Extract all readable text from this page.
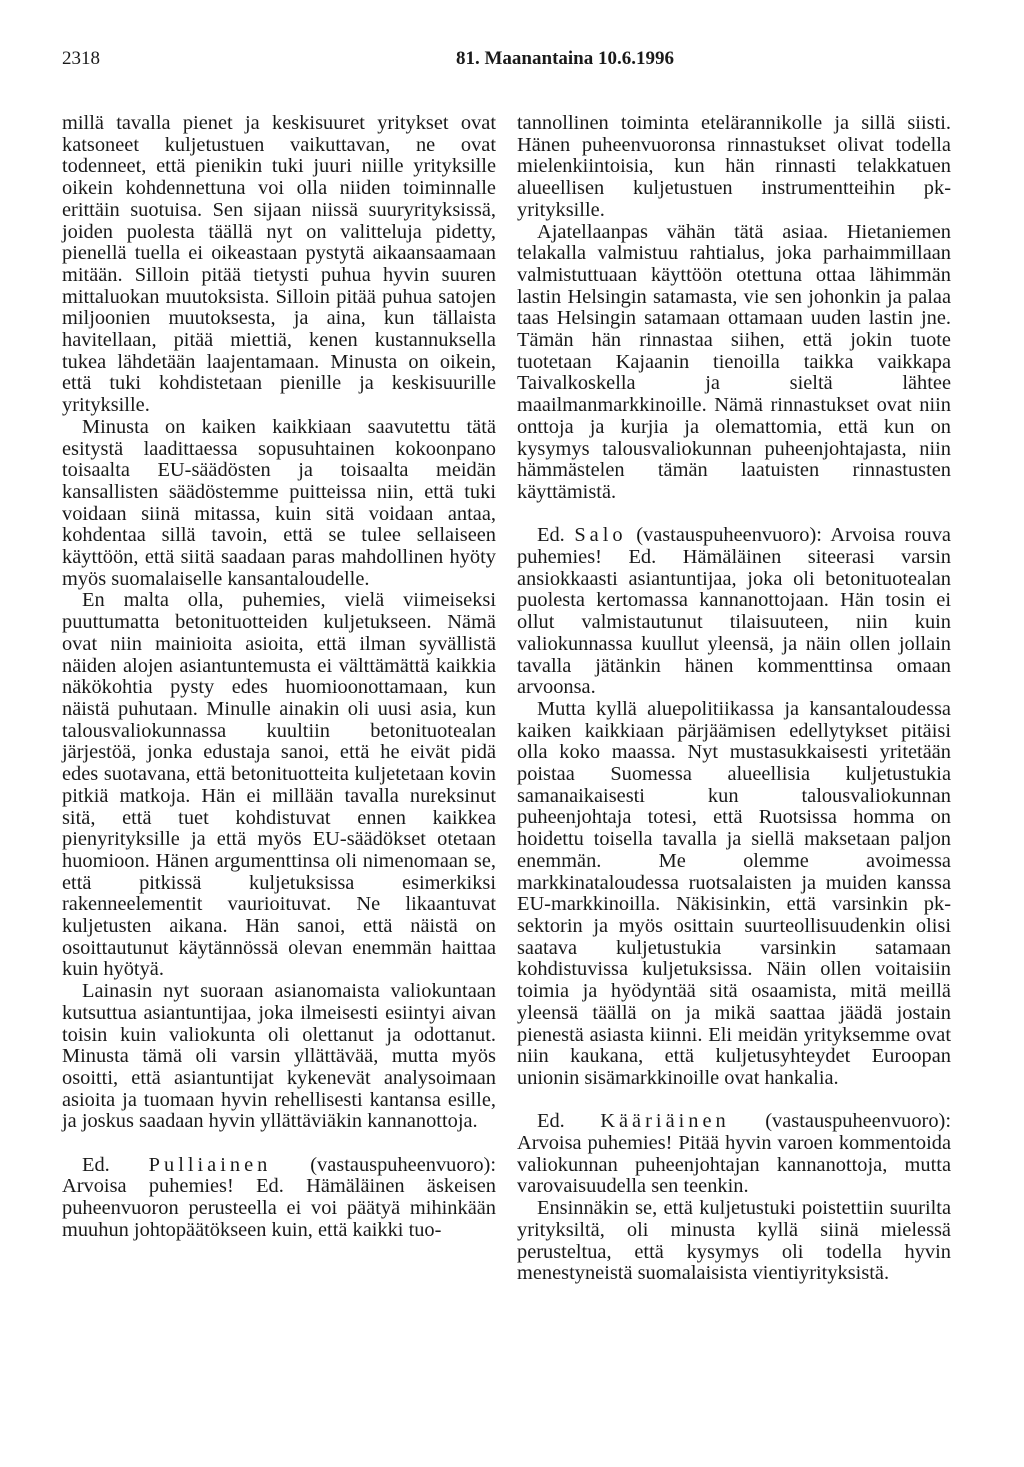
2318	81. Maanantaina 10.6.1996

millä tavalla pienet ja keskisuuret yritykset ovat katsoneet kuljetustuen vaikuttavan, ne ovat todenneet, että pienikin tuki juuri niille yrityksille oikein kohdennettuna voi olla niiden toiminnalle erittäin suotuisa. Sen sijaan niissä suuryrityksissä, joiden puolesta täällä nyt on valitteluja pidetty, pienellä tuella ei oikeastaan pystytä aikaansaamaan mitään. Silloin pitää tietysti puhua hyvin suuren mittaluokan muutoksista. Silloin pitää puhua satojen miljoonien muutoksesta, ja aina, kun tällaista havitellaan, pitää miettiä, kenen kustannuksella tukea lähdetään laajentamaan. Minusta on oikein, että tuki kohdistetaan pienille ja keskisuurille yrityksille.

Minusta on kaiken kaikkiaan saavutettu tätä esitystä laadittaessa sopusuhtainen kokoonpano toisaalta EU-säädösten ja toisaalta meidän kansallisten säädöstemme puitteissa niin, että tuki voidaan siinä mitassa, kuin sitä voidaan antaa, kohdentaa sillä tavoin, että se tulee sellaiseen käyttöön, että siitä saadaan paras mahdollinen hyöty myös suomalaiselle kansantaloudelle.

En malta olla, puhemies, vielä viimeiseksi puuttumatta betonituotteiden kuljetukseen. Nämä ovat niin mainioita asioita, että ilman syvällistä näiden alojen asiantuntemusta ei välttämättä kaikkia näkökohtia pysty edes huomioonottamaan, kun näistä puhutaan. Minulle ainakin oli uusi asia, kun talousvaliokunnassa kuultiin betonituotealan järjestöä, jonka edustaja sanoi, että he eivät pidä edes suotavana, että betonituotteita kuljetetaan kovin pitkiä matkoja. Hän ei millään tavalla nureksinut sitä, että tuet kohdistuvat ennen kaikkea pienyrityksille ja että myös EU-säädökset otetaan huomioon. Hänen argumenttinsa oli nimenomaan se, että pitkissä kuljetuksissa esimerkiksi rakenneelementit vaurioituvat. Ne likaantuvat kuljetusten aikana. Hän sanoi, että näistä on osoittautunut käytännössä olevan enemmän haittaa kuin hyötyä.

Lainasin nyt suoraan asianomaista valiokuntaan kutsuttua asiantuntijaa, joka ilmeisesti esiintyi aivan toisin kuin valiokunta oli olettanut ja odottanut. Minusta tämä oli varsin yllättävää, mutta myös osoitti, että asiantuntijat kykenevät analysoimaan asioita ja tuomaan hyvin rehellisesti kantansa esille, ja joskus saadaan hyvin yllättäviäkin kannanottoja.

Ed. Pulliainen (vastauspuheenvuoro): Arvoisa puhemies! Ed. Hämäläinen äskeisen puheenvuoron perusteella ei voi päätyä mihinkään muuhun johtopäätökseen kuin, että kaikki tuo-

tannollinen toiminta etelärannikolle ja sillä siisti. Hänen puheenvuoronsa rinnastukset olivat todella mielenkiintoisia, kun hän rinnasti telakkatuen alueellisen kuljetustuen instrumentteihin pk-yrityksille.

Ajatellaanpas vähän tätä asiaa. Hietaniemen telakalla valmistuu rahtialus, joka parhaimmillaan valmistuttuaan käyttöön otettuna ottaa lähimmän lastin Helsingin satamasta, vie sen johonkin ja palaa taas Helsingin satamaan ottamaan uuden lastin jne. Tämän hän rinnastaa siihen, että jokin tuote tuotetaan Kajaanin tienoilla taikka vaikkapa Taivalkoskella ja sieltä lähtee maailmanmarkkinoille. Nämä rinnastukset ovat niin onttoja ja kurjia ja olemattomia, että kun on kysymys talousvaliokunnan puheenjohtajasta, niin hämmästelen tämän laatuisten rinnastusten käyttämistä.

Ed. Salo (vastauspuheenvuoro): Arvoisa rouva puhemies! Ed. Hämäläinen siteerasi varsin ansiokkaasti asiantuntijaa, joka oli betonituotealan puolesta kertomassa kannanottojaan. Hän tosin ei ollut valmistautunut tilaisuuteen, niin kuin valiokunnassa kuullut yleensä, ja näin ollen jollain tavalla jätänkin hänen kommenttinsa omaan arvoonsa.

Mutta kyllä aluepolitiikassa ja kansantaloudessa kaiken kaikkiaan pärjäämisen edellytykset pitäisi olla koko maassa. Nyt mustasukkaisesti yritetään poistaa Suomessa alueellisia kuljetustukia samanaikaisesti kun talousvaliokunnan puheenjohtaja totesi, että Ruotsissa homma on hoidettu toisella tavalla ja siellä maksetaan paljon enemmän. Me olemme avoimessa markkinataloudessa ruotsalaisten ja muiden kanssa EU-markkinoilla. Näkisinkin, että varsinkin pk-sektorin ja myös osittain suurteollisuudenkin olisi saatava kuljetustukia varsinkin satamaan kohdistuvissa kuljetuksissa. Näin ollen voitaisiin toimia ja hyödyntää sitä osaamista, mitä meillä yleensä täällä on ja mikä saattaa jäädä jostain pienestä asiasta kiinni. Eli meidän yrityksemme ovat niin kaukana, että kuljetusyhteydet Euroopan unionin sisämarkkinoille ovat hankalia.

Ed. Kääriäinen (vastauspuheenvuoro): Arvoisa puhemies! Pitää hyvin varoen kommentoida valiokunnan puheenjohtajan kannanottoja, mutta varovaisuudella sen teenkin.

Ensinnäkin se, että kuljetustuki poistettiin suurilta yrityksiltä, oli minusta kyllä siinä mielessä perusteltua, että kysymys oli todella hyvin menestyneistä suomalaisista vientiyrityksistä.
